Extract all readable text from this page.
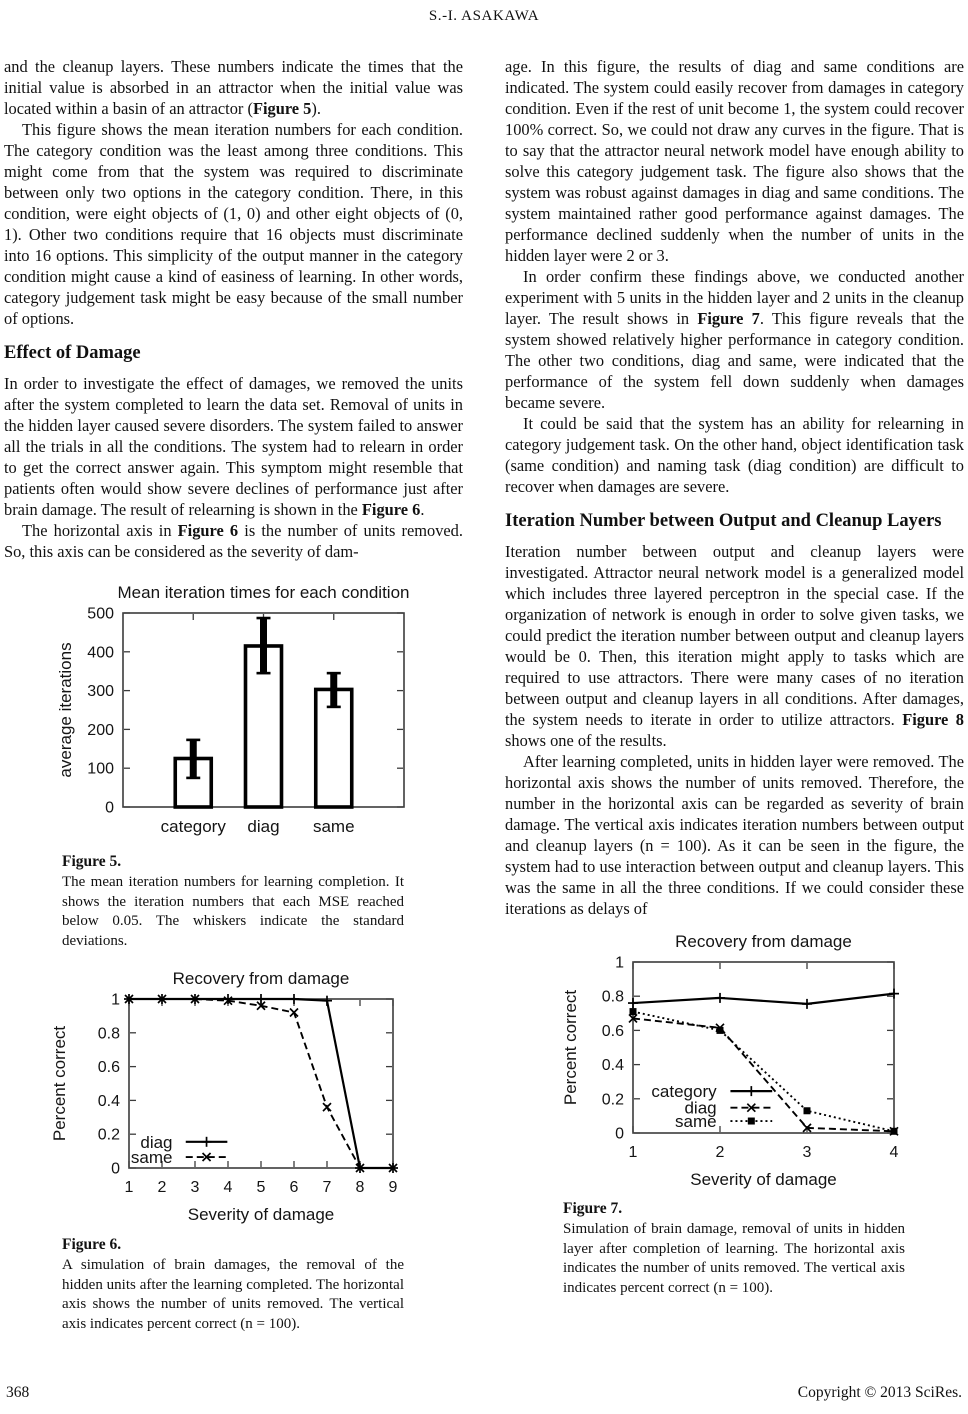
S.-I. ASAKAWA

and the cleanup layers. These numbers indicate the times that the initial value is absorbed in an attractor when the initial value was located within a basin of an attractor (Figure 5).

This figure shows the mean iteration numbers for each condition. The category condition was the least among three conditions. This might come from that the system was required to discriminate between only two options in the category condition. There, in this condition, were eight objects of (1, 0) and other eight objects of (0, 1). Other two conditions require that 16 objects must discriminate into 16 options. This simplicity of the output manner in the category condition might cause a kind of easiness of learning. In other words, category judgement task might be easy because of the small number of options.

Effect of Damage

In order to investigate the effect of damages, we removed the units after the system completed to learn the data set. Removal of units in the hidden layer caused severe disorders. The system failed to answer all the trials in all the conditions. The system had to relearn in order to get the correct answer again. This symptom might resemble that patients often would show severe declines of performance just after brain damage. The result of relearning is shown in the Figure 6.

The horizontal axis in Figure 6 is the number of units removed. So, this axis can be considered as the severity of dam-

Mean iteration times for each condition
average iterations
0
100
200
300
400
500
category diag same
Figure 5.
The mean iteration numbers for learning completion. It shows the iteration numbers that each MSE reached below 0.05. The whiskers indicate the standard deviations.
Recovery from damage
Percent correct
0
0.2
0.4
0.6
0.8
1
1 2 3 4 5 6 7 8 9
Severity of damage
diag
same
Figure 6.
A simulation of brain damages, the removal of the hidden units after the learning completed. The horizontal axis shows the number of units removed. The vertical axis indicates percent correct (n = 100).

age. In this figure, the results of diag and same conditions are indicated. The system could easily recover from damages in category condition. Even if the rest of unit become 1, the system could recover 100% correct. So, we could not draw any curves in the figure. That is to say that the attractor neural network model have enough ability to solve this category judgement task. The figure also shows that the system was robust against damages in diag and same conditions. The system maintained rather good performance against damages. The performance declined suddenly when the number of units in the hidden layer were 2 or 3.

In order confirm these findings above, we conducted another experiment with 5 units in the hidden layer and 2 units in the cleanup layer. The result shows in Figure 7. This figure reveals that the system showed relatively higher performance in category condition. The other two conditions, diag and same, were indicated that the performance of the system fell down suddenly when damages became severe.

It could be said that the system has an ability for relearning in category judgement task. On the other hand, object identification task (same condition) and naming task (diag condition) are difficult to recover when damages are severe.

Iteration Number between Output and Cleanup Layers

Iteration number between output and cleanup layers were investigated. Attractor neural network model is a generalized model which includes three layered perceptron in the special case. If the organization of network is enough in order to solve given tasks, we could predict the iteration number between output and cleanup layers would be 0. Then, this iteration might apply to tasks which are required to use attractors. There were many cases of no iteration between output and cleanup layers in all conditions. After damages, the system needs to iterate in order to utilize attractors. Figure 8 shows one of the results.

After learning completed, units in hidden layer were removed. The horizontal axis shows the number of units removed. Therefore, the number in the horizontal axis can be regarded as severity of brain damage. The vertical axis indicates iteration numbers between output and cleanup layers (n = 100). As it can be seen in the figure, the system had to use interaction between output and cleanup layers. This was the same in all the three conditions. If we could consider these iterations as delays of

Recovery from damage
Percent correct
0
0.2
0.4
0.6
0.8
1
1	2	3	4
Severity of damage
category
diag
same
Figure 7.
Simulation of brain damage, removal of units in hidden layer after completion of learning. The horizontal axis indicates the number of units removed. The vertical axis indicates percent correct (n = 100).
368	Copyright © 2013 SciRes.
